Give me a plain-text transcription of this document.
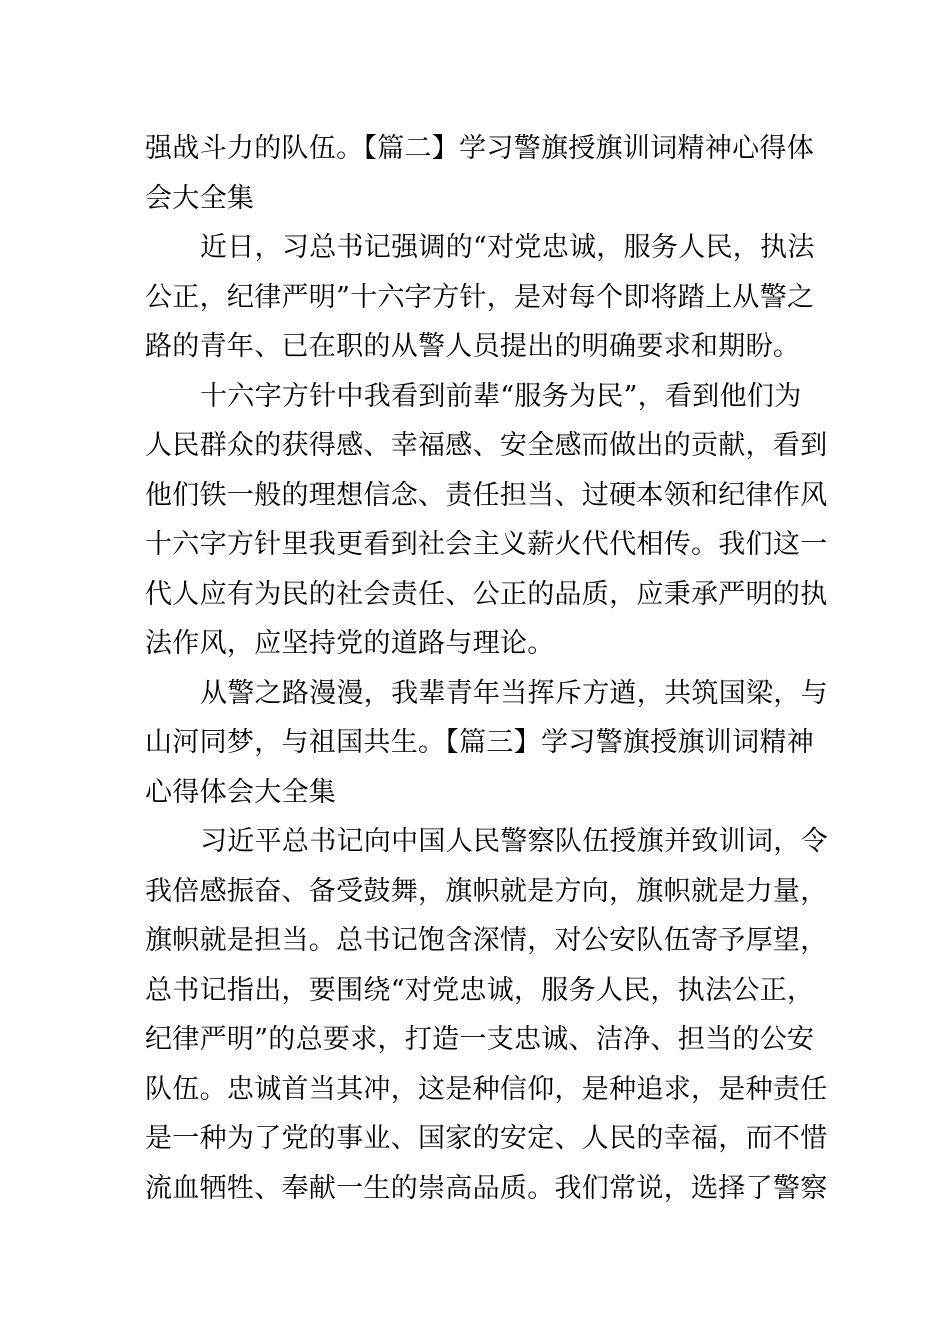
强战斗力的队伍。【篇二】学习警旗授旗训词精神心得体
会大全集
近日，习总书记强调的“对党忠诚，服务人民，执法
公正，纪律严明”十六字方针，是对每个即将踏上从警之
路的青年、已在职的从警人员提出的明确要求和期盼。
十六字方针中我看到前辈“服务为民”，看到他们为
人民群众的获得感、幸福感、安全感而做出的贡献，看到
他们铁一般的理想信念、责任担当、过硬本领和纪律作风
十六字方针里我更看到社会主义薪火代代相传。我们这一
代人应有为民的社会责任、公正的品质，应秉承严明的执
法作风，应坚持党的道路与理论。
从警之路漫漫，我辈青年当挥斥方遒，共筑国梁，与
山河同梦，与祖国共生。【篇三】学习警旗授旗训词精神
心得体会大全集
习近平总书记向中国人民警察队伍授旗并致训词，令
我倍感振奋、备受鼓舞，旗帜就是方向，旗帜就是力量，
旗帜就是担当。总书记饱含深情，对公安队伍寄予厚望，
总书记指出，要围绕“对党忠诚，服务人民，执法公正，
纪律严明”的总要求，打造一支忠诚、洁净、担当的公安
队伍。忠诚首当其冲，这是种信仰，是种追求，是种责任
是一种为了党的事业、国家的安定、人民的幸福，而不惜
流血牺牲、奉献一生的崇高品质。我们常说，选择了警察
